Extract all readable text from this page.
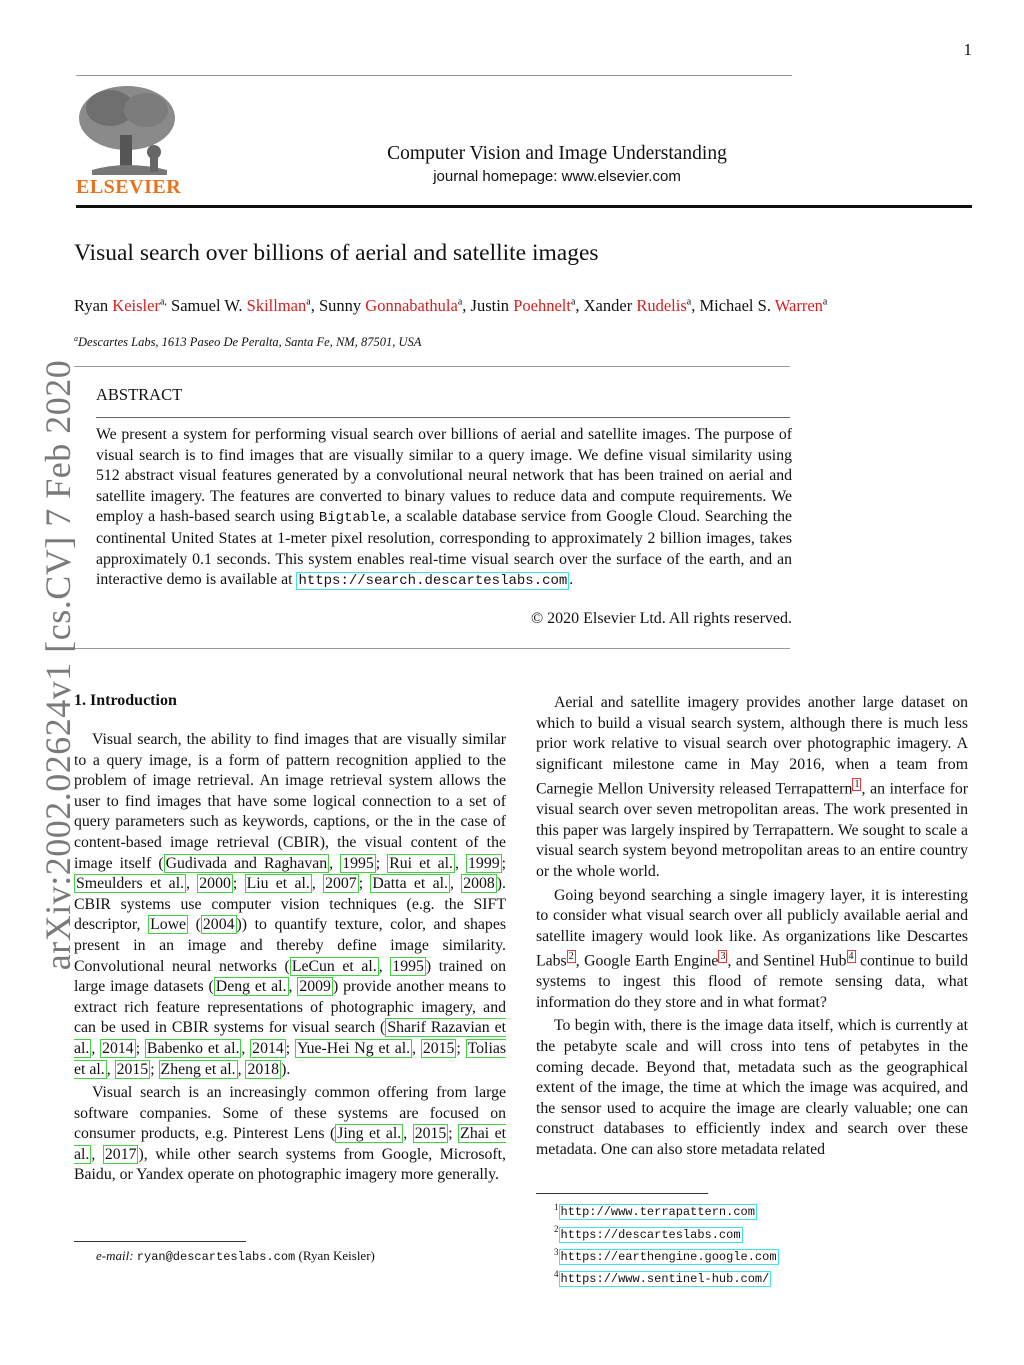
1
ELSEVIER
Computer Vision and Image Understanding
journal homepage: www.elsevier.com
Visual search over billions of aerial and satellite images
Ryan Keisler$^{a,}$ Samuel W. Skillman$^a$, Sunny Gonnabathula$^a$, Justin Poehnelt$^a$, Xander Rudelis$^a$, Michael S. Warren$^a$
$^a$Descartes Labs, 1613 Paseo De Peralta, Santa Fe, NM, 87501, USA
ABSTRACT
We present a system for performing visual search over billions of aerial and satellite images. The purpose of visual search is to find images that are visually similar to a query image. We define visual similarity using 512 abstract visual features generated by a convolutional neural network that has been trained on aerial and satellite imagery. The features are converted to binary values to reduce data and compute requirements. We employ a hash-based search using Bigtable, a scalable database service from Google Cloud. Searching the continental United States at 1-meter pixel resolution, corresponding to approximately 2 billion images, takes approximately 0.1 seconds. This system enables real-time visual search over the surface of the earth, and an interactive demo is available at https://search.descarteslabs.com .
© 2020 Elsevier Ltd. All rights reserved.
arXiv:2002.02624v1 [cs.CV] 7 Feb 2020
1. Introduction

Visual search, the ability to find images that are visually similar to a query image, is a form of pattern recognition applied to the problem of image retrieval. An image retrieval system allows the user to find images that have some logical connection to a set of query parameters such as keywords, captions, or the in the case of content-based image retrieval (CBIR), the visual content of the image itself ( Gudivada and Raghavan , 1995 ; Rui et al. , 1999 ; Smeulders et al. , 2000 ; Liu et al. , 2007 ; Datta et al. , 2008 ). CBIR systems use computer vision techniques (e.g. the SIFT descriptor, Lowe ( 2004 )) to quantify texture, color, and shapes present in an image and thereby define image similarity. Convolutional neural networks ( LeCun et al. , 1995 ) trained on large image datasets ( Deng et al. , 2009 ) provide another means to extract rich feature representations of photographic imagery, and can be used in CBIR systems for visual search ( Sharif Razavian et al. , 2014 ; Babenko et al. , 2014 ; Yue-Hei Ng et al. , 2015 ; Tolias et al. , 2015 ; Zheng et al. , 2018 ).

Visual search is an increasingly common offering from large software companies. Some of these systems are focused on consumer products, e.g. Pinterest Lens ( Jing et al. , 2015 ; Zhai et al. , 2017 ), while other search systems from Google, Microsoft, Baidu, or Yandex operate on photographic imagery more generally.

Aerial and satellite imagery provides another large dataset on which to build a visual search system, although there is much less prior work relative to visual search over photographic imagery. A significant milestone came in May 2016, when a team from Carnegie Mellon University released Terrapattern $^1$ , an interface for visual search over seven metropolitan areas. The work presented in this paper was largely inspired by Terrapattern. We sought to scale a visual search system beyond metropolitan areas to an entire country or the whole world.

Going beyond searching a single imagery layer, it is interesting to consider what visual search over all publicly available aerial and satellite imagery would look like. As organizations like Descartes Labs $^2$ , Google Earth Engine $^3$ , and Sentinel Hub $^4$ continue to build systems to ingest this flood of remote sensing data, what information do they store and in what format?

To begin with, there is the image data itself, which is currently at the petabyte scale and will cross into tens of petabytes in the coming decade. Beyond that, metadata such as the geographical extent of the image, the time at which the image was acquired, and the sensor used to acquire the image are clearly valuable; one can construct databases to efficiently index and search over these metadata. One can also store metadata related

$^1$ http://www.terrapattern.com
$^2$ https://descarteslabs.com
$^3$ https://earthengine.google.com
$^4$ https://www.sentinel-hub.com/
e-mail: ryan@descarteslabs.com (Ryan Keisler)
